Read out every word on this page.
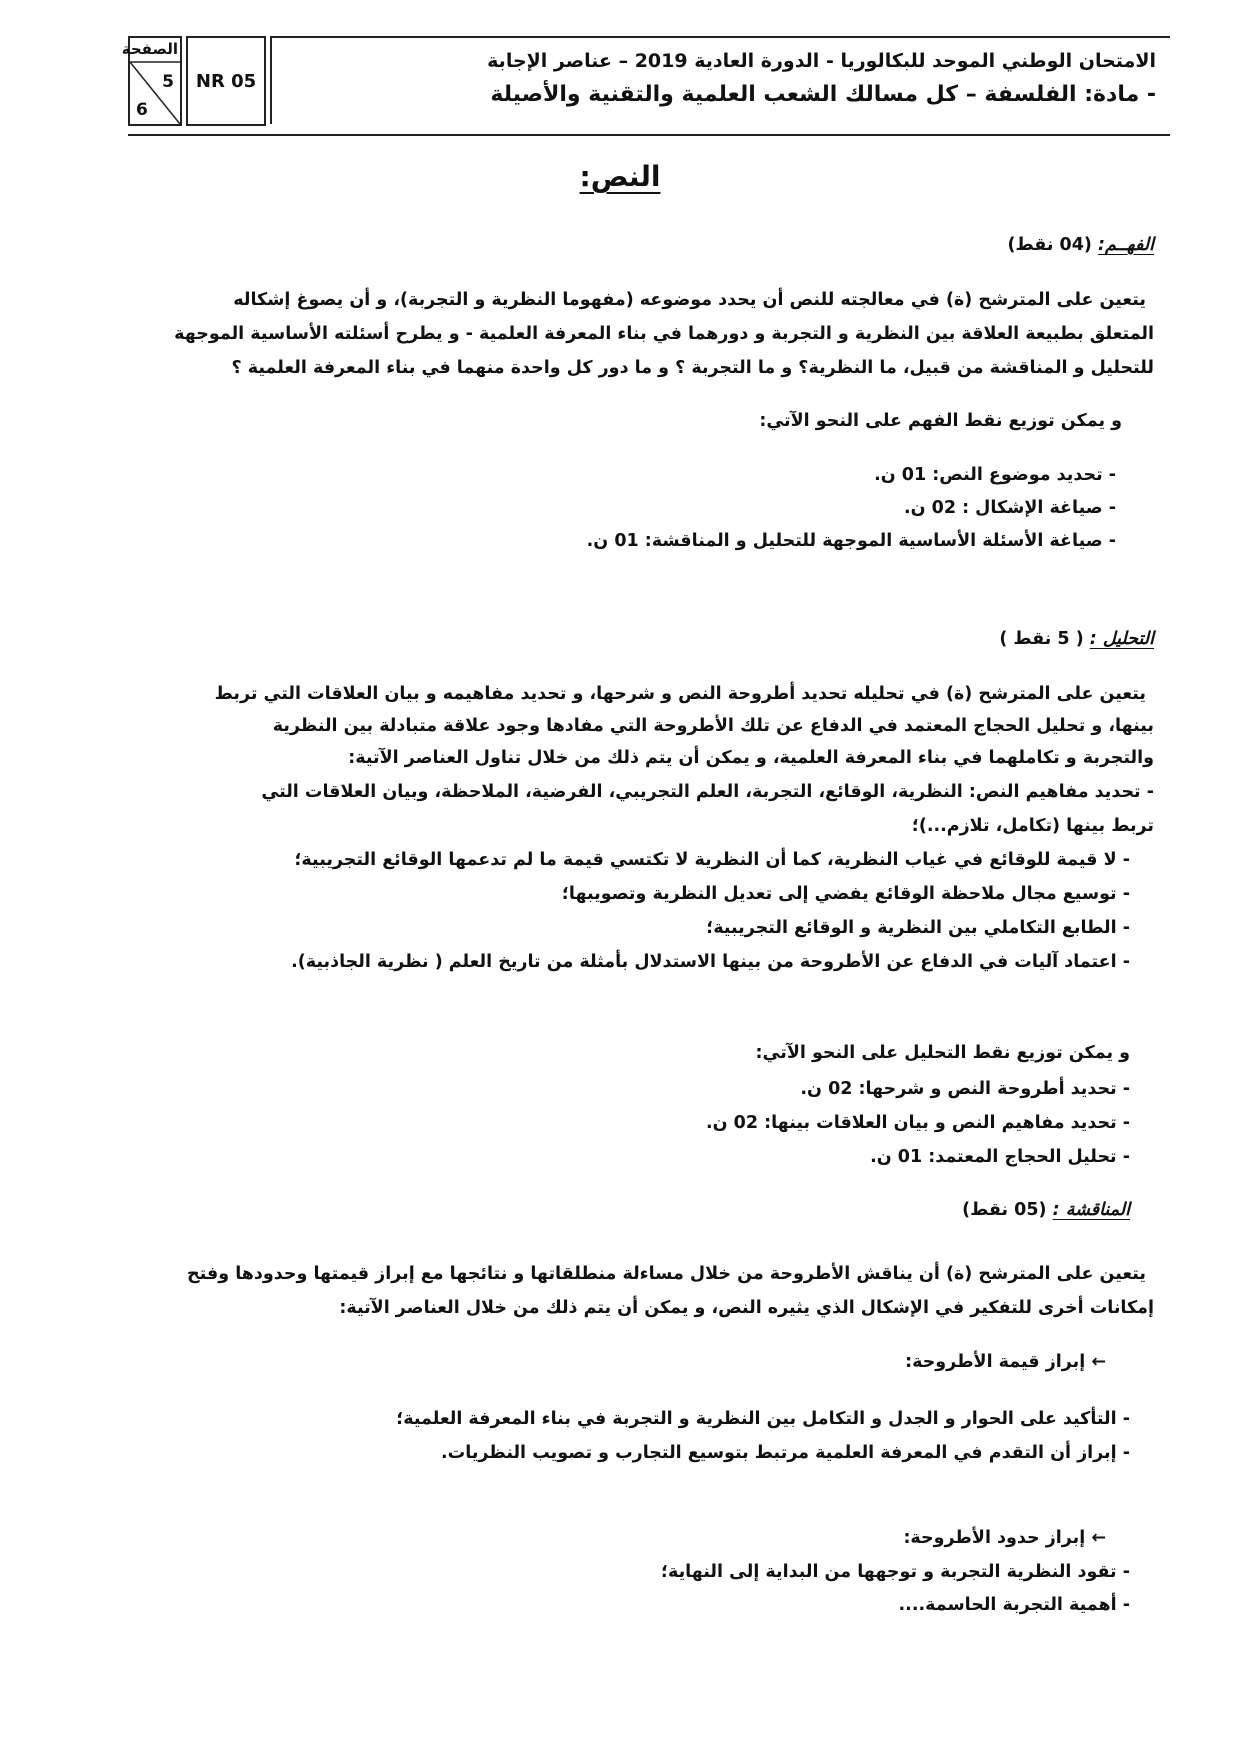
الصفحة
5
6
NR 05
الامتحان الوطني الموحد للبكالوريا - الدورة العادية 2019 – عناصر الإجابة
- مادة: الفلسفة – كل مسالك الشعب العلمية والتقنية والأصيلة
النص:
الفهــم: (04 نقط)
يتعين على المترشح (ة) في معالجته للنص أن يحدد موضوعه (مفهوما النظرية و التجربة)، و أن يصوغ إشكاله
المتعلق بطبيعة العلاقة بين النظرية و التجربة و دورهما في بناء المعرفة العلمية - و يطرح أسئلته الأساسية الموجهة
للتحليل و المناقشة من قبيل، ما النظرية؟ و ما التجربة ؟ و ما دور كل واحدة منهما في بناء المعرفة العلمية ؟
و يمكن توزيع نقط الفهم على النحو الآتي:
- تحديد موضوع النص: 01 ن.
- صياغة الإشكال : 02 ن.
- صياغة الأسئلة الأساسية الموجهة للتحليل و المناقشة: 01 ن.
التحليل : ( 5 نقط )
يتعين على المترشح (ة) في تحليله تحديد أطروحة النص و شرحها، و تحديد مفاهيمه و بيان العلاقات التي تربط
بينها، و تحليل الحجاج المعتمد في الدفاع عن تلك الأطروحة التي مفادها وجود علاقة متبادلة بين النظرية
والتجربة و تكاملهما في بناء المعرفة العلمية، و يمكن أن يتم ذلك من خلال تناول العناصر الآتية:
- تحديد مفاهيم النص: النظرية، الوقائع، التجربة، العلم التجريبي، الفرضية، الملاحظة، وبيان العلاقات التي
تربط بينها (تكامل، تلازم...)؛
- لا قيمة للوقائع في غياب النظرية، كما أن النظرية لا تكتسي قيمة ما لم تدعمها الوقائع التجريبية؛
- توسيع مجال ملاحظة الوقائع يفضي إلى تعديل النظرية وتصويبها؛
- الطابع التكاملي بين النظرية و الوقائع التجريبية؛
- اعتماد آليات في الدفاع عن الأطروحة من بينها الاستدلال بأمثلة من تاريخ العلم ( نظرية الجاذبية).
و يمكن توزيع نقط التحليل على النحو الآتي:
- تحديد أطروحة النص و شرحها: 02 ن.
- تحديد مفاهيم النص و بيان العلاقات بينها: 02 ن.
- تحليل الحجاج المعتمد: 01 ن.
المناقشة : (05 نقط)
يتعين على المترشح (ة) أن يناقش الأطروحة من خلال مساءلة منطلقاتها و نتائجها مع إبراز قيمتها وحدودها وفتح
إمكانات أخرى للتفكير في الإشكال الذي يثيره النص، و يمكن أن يتم ذلك من خلال العناصر الآتية:
← إبراز قيمة الأطروحة:
- التأكيد على الحوار و الجدل و التكامل بين النظرية و التجربة في بناء المعرفة العلمية؛
- إبراز أن التقدم في المعرفة العلمية مرتبط بتوسيع التجارب و تصويب النظريات.
← إبراز حدود الأطروحة:
- تقود النظرية التجربة و توجهها من البداية إلى النهاية؛
- أهمية التجربة الحاسمة....
